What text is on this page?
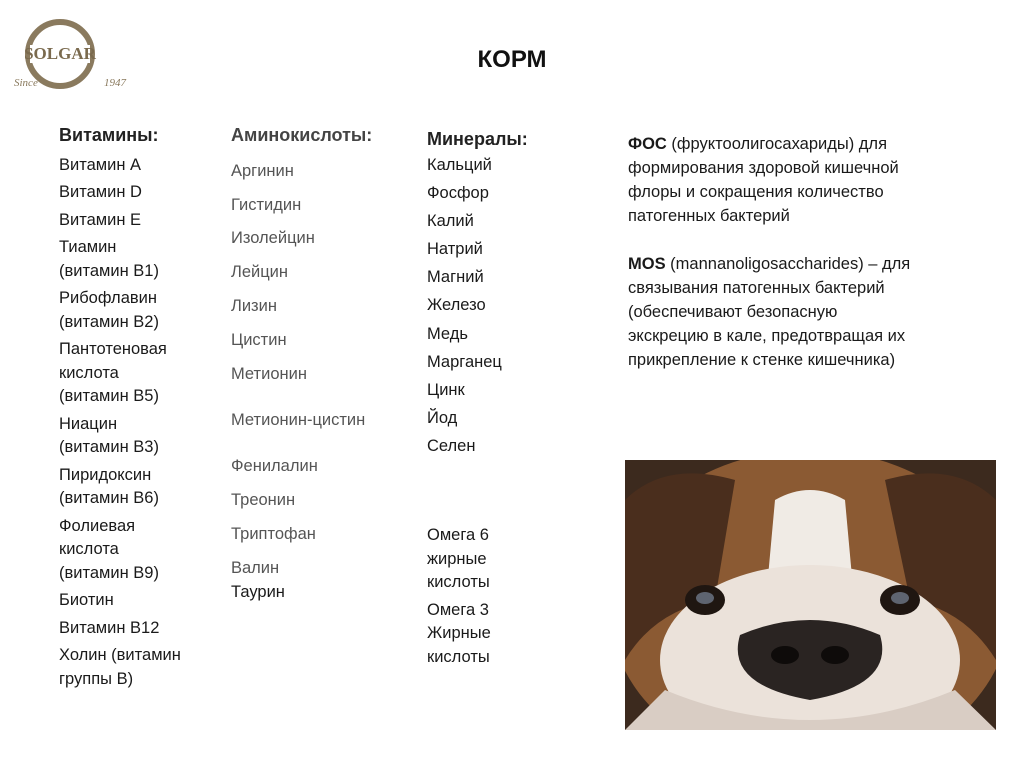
SOLGAR
Since	1947
КОРМ
Витамины:
Витамин А
Витамин D
Витамин Е
Тиамин (витамин В1)
Рибофлавин (витамин В2)
Пантотеновая кислота (витамин В5)
Ниацин (витамин В3)
Пиридоксин (витамин В6)
Фолиевая кислота (витамин В9)
Биотин
Витамин В12
Холин (витамин группы В)
Аминокислоты:
Аргинин
Гистидин
Изолейцин
Лейцин
Лизин
Цистин
Метионин
Метионин-цистин
Фенилалин
Треонин
Триптофан
Валин
Таурин
Минералы:
Кальций
Фосфор
Калий
Натрий
Магний
Железо
Медь
Марганец
Цинк
Йод
Селен
Омега 6 жирные кислоты
Омега 3 Жирные кислоты

ФОС (фруктоолигосахариды) для формирования здоровой кишечной флоры и сокращения количество патогенных бактерий

MOS (mannanoligosaccharides) – для связывания патогенных бактерий (обеспечивают безопасную экскрецию в кале, предотвращая их прикрепление к стенке кишечника)
